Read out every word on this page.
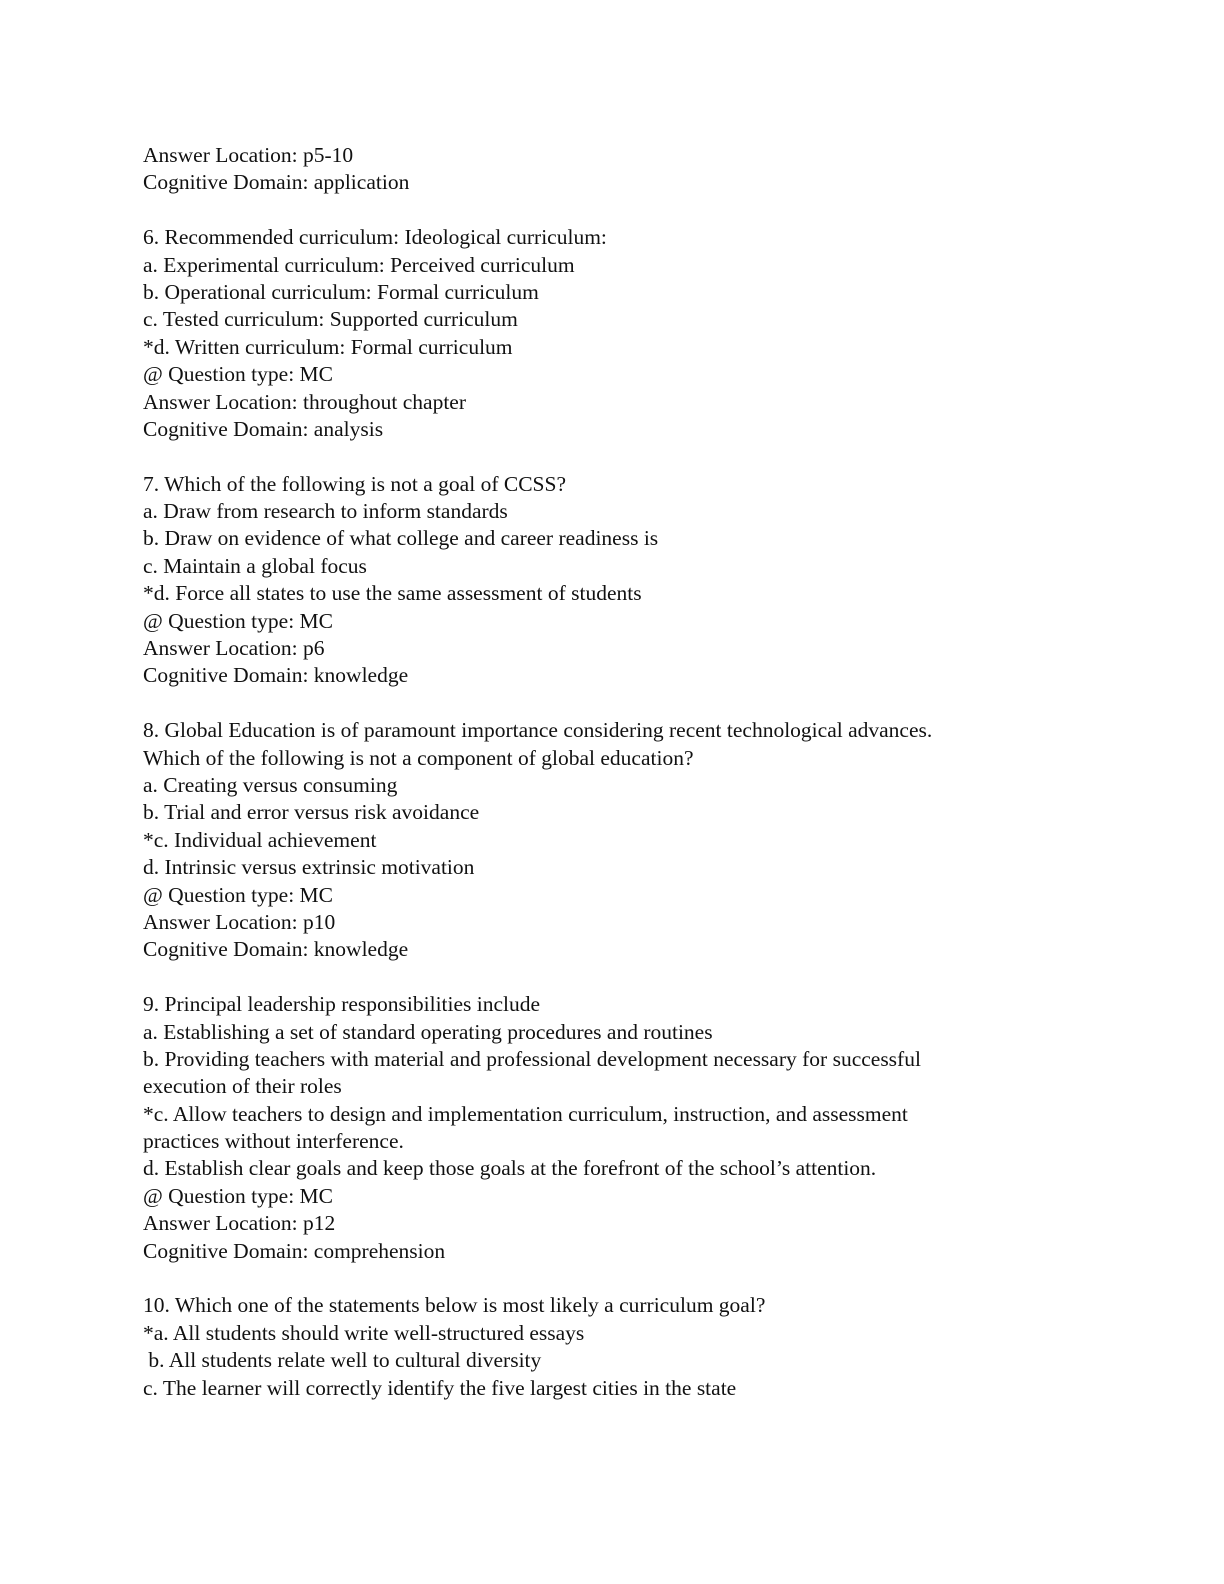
Answer Location: p5-10
Cognitive Domain: application
6. Recommended curriculum: Ideological curriculum:
a. Experimental curriculum: Perceived curriculum
b. Operational curriculum: Formal curriculum
c. Tested curriculum: Supported curriculum
*d. Written curriculum: Formal curriculum
@ Question type: MC
Answer Location: throughout chapter
Cognitive Domain: analysis
7. Which of the following is not a goal of CCSS?
a. Draw from research to inform standards
b. Draw on evidence of what college and career readiness is
c. Maintain a global focus
*d. Force all states to use the same assessment of students
@ Question type: MC
Answer Location: p6
Cognitive Domain: knowledge
8. Global Education is of paramount importance considering recent technological advances.
Which of the following is not a component of global education?
a. Creating versus consuming
b. Trial and error versus risk avoidance
*c. Individual achievement
d. Intrinsic versus extrinsic motivation
@ Question type: MC
Answer Location: p10
Cognitive Domain: knowledge
9. Principal leadership responsibilities include
a. Establishing a set of standard operating procedures and routines
b. Providing teachers with material and professional development necessary for successful
execution of their roles
*c. Allow teachers to design and implementation curriculum, instruction, and assessment
practices without interference.
d. Establish clear goals and keep those goals at the forefront of the school’s attention.
@ Question type: MC
Answer Location: p12
Cognitive Domain: comprehension
10. Which one of the statements below is most likely a curriculum goal?
*a. All students should write well-structured essays
b. All students relate well to cultural diversity
c. The learner will correctly identify the five largest cities in the state
